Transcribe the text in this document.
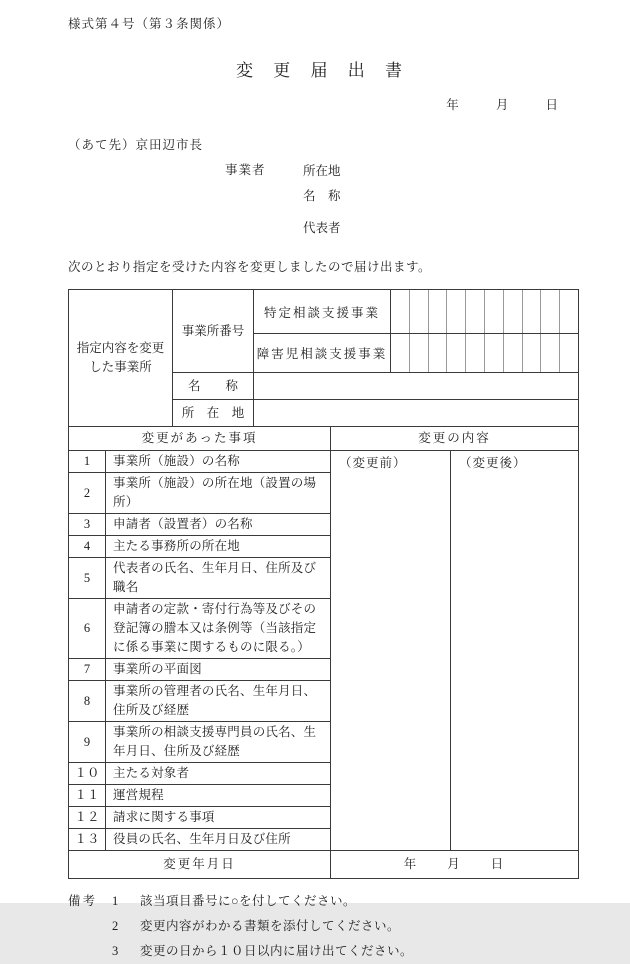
様式第４号（第３条関係）
変 更 届 出 書
年	月	日
（あて先）京田辺市長
事業者	所在地
名　称
代表者
次のとおり指定を受けた内容を変更しましたので届け出ます。
指定内容を変更
した事業所	事業所番号	特定相談支援事業	

		障害児相談支援事業	

	名　　称		
	所　在　地		
変更があった事項		変更の内容	
1	事業所（施設）の名称	（変更前）	（変更後）
2	事業所（施設）の所在地（設置の場所）		
3	申請者（設置者）の名称		
4	主たる事務所の所在地		
5	代表者の氏名、生年月日、住所及び職名		
6	申請者の定款・寄付行為等及びその登記簿の謄本又は条例等（当該指定に係る事業に関するものに限る。）		
7	事業所の平面図		
8	事業所の管理者の氏名、生年月日、住所及び経歴		
9	事業所の相談支援専門員の氏名、生年月日、住所及び経歴		
１０	主たる対象者		
１１	運営規程		
１２	請求に関する事項		
１３	役員の氏名、生年月日及び住所		
変更年月日		年　　月　　日	
備考	1	該当項目番号に○を付してください。
2	変更内容がわかる書類を添付してください。
3	変更の日から１０日以内に届け出てください。
